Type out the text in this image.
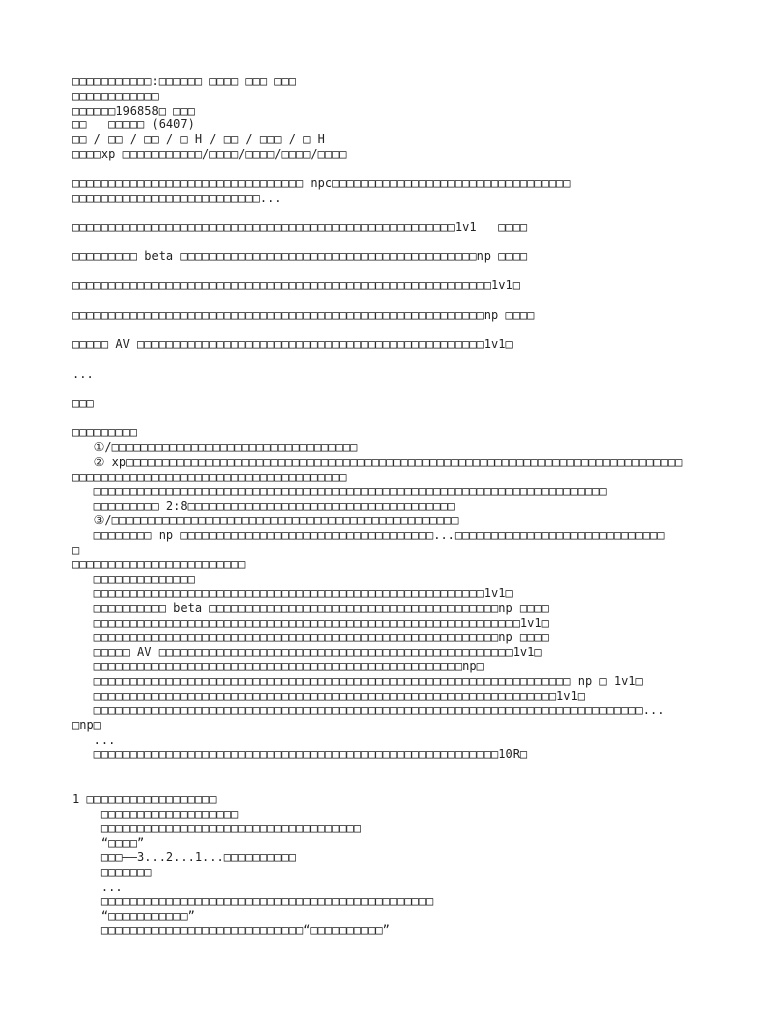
□□□□□□□□□□□:□□□□□□ □□□□ □□□ □□□
□□□□□□□□□□□□
□□□□□□196858□ □□□
□□   □□□□□ (6407)
□□ / □□ / □□ / □ H / □□ / □□□ / □ H
□□□□xp □□□□□□□□□□□/□□□□/□□□□/□□□□/□□□□
□□□□□□□□□□□□□□□□□□□□□□□□□□□□□□□□ npc□□□□□□□□□□□□□□□□□□□□□□□□□□□□□□□□□
□□□□□□□□□□□□□□□□□□□□□□□□□□...
□□□□□□□□□□□□□□□□□□□□□□□□□□□□□□□□□□□□□□□□□□□□□□□□□□□□□1v1   □□□□
□□□□□□□□□ beta □□□□□□□□□□□□□□□□□□□□□□□□□□□□□□□□□□□□□□□□□np □□□□
□□□□□□□□□□□□□□□□□□□□□□□□□□□□□□□□□□□□□□□□□□□□□□□□□□□□□□□□□□1v1□
□□□□□□□□□□□□□□□□□□□□□□□□□□□□□□□□□□□□□□□□□□□□□□□□□□□□□□□□□np □□□□
□□□□□ AV □□□□□□□□□□□□□□□□□□□□□□□□□□□□□□□□□□□□□□□□□□□□□□□□1v1□
...
□□□
□□□□□□□□□
①/□□□□□□□□□□□□□□□□□□□□□□□□□□□□□□□□□□
② xp□□□□□□□□□□□□□□□□□□□□□□□□□□□□□□□□□□□□□□□□□□□□□□□□□□□□□□□□□□□□□□□□□□□□□□□□□□□□□
□□□□□□□□□□□□□□□□□□□□□□□□□□□□□□□□□□□□□□
□□□□□□□□□□□□□□□□□□□□□□□□□□□□□□□□□□□□□□□□□□□□□□□□□□□□□□□□□□□□□□□□□□□□□□□
□□□□□□□□□ 2:8□□□□□□□□□□□□□□□□□□□□□□□□□□□□□□□□□□□□□
③/□□□□□□□□□□□□□□□□□□□□□□□□□□□□□□□□□□□□□□□□□□□□□□□□
□□□□□□□□ np □□□□□□□□□□□□□□□□□□□□□□□□□□□□□□□□□□□...□□□□□□□□□□□□□□□□□□□□□□□□□□□□□
□
□□□□□□□□□□□□□□□□□□□□□□□□
□□□□□□□□□□□□□□
□□□□□□□□□□□□□□□□□□□□□□□□□□□□□□□□□□□□□□□□□□□□□□□□□□□□□□1v1□
□□□□□□□□□□ beta □□□□□□□□□□□□□□□□□□□□□□□□□□□□□□□□□□□□□□□□np □□□□
□□□□□□□□□□□□□□□□□□□□□□□□□□□□□□□□□□□□□□□□□□□□□□□□□□□□□□□□□□□1v1□
□□□□□□□□□□□□□□□□□□□□□□□□□□□□□□□□□□□□□□□□□□□□□□□□□□□□□□□□np □□□□
□□□□□ AV □□□□□□□□□□□□□□□□□□□□□□□□□□□□□□□□□□□□□□□□□□□□□□□□□1v1□
□□□□□□□□□□□□□□□□□□□□□□□□□□□□□□□□□□□□□□□□□□□□□□□□□□□np□
□□□□□□□□□□□□□□□□□□□□□□□□□□□□□□□□□□□□□□□□□□□□□□□□□□□□□□□□□□□□□□□□□□ np □ 1v1□
□□□□□□□□□□□□□□□□□□□□□□□□□□□□□□□□□□□□□□□□□□□□□□□□□□□□□□□□□□□□□□□□1v1□
□□□□□□□□□□□□□□□□□□□□□□□□□□□□□□□□□□□□□□□□□□□□□□□□□□□□□□□□□□□□□□□□□□□□□□□□□□□□...
□np□
...
□□□□□□□□□□□□□□□□□□□□□□□□□□□□□□□□□□□□□□□□□□□□□□□□□□□□□□□□10R□
1 □□□□□□□□□□□□□□□□□□
□□□□□□□□□□□□□□□□□□□
□□□□□□□□□□□□□□□□□□□□□□□□□□□□□□□□□□□□
“□□□□”
□□□——3...2...1...□□□□□□□□□□
□□□□□□□
...
□□□□□□□□□□□□□□□□□□□□□□□□□□□□□□□□□□□□□□□□□□□□□□
“□□□□□□□□□□□”
□□□□□□□□□□□□□□□□□□□□□□□□□□□□“□□□□□□□□□□”
